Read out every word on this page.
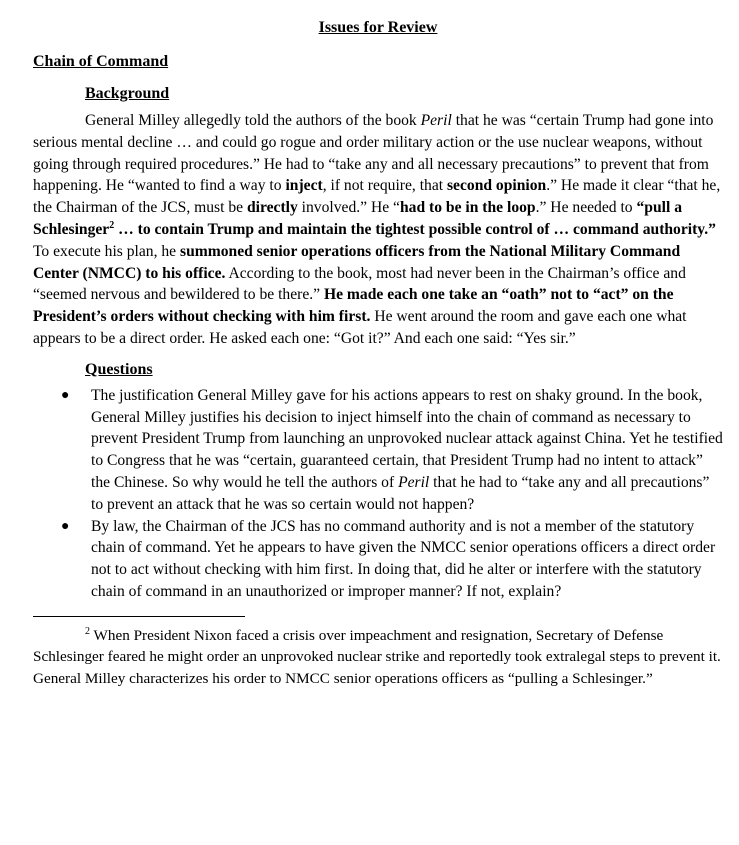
Issues for Review
Chain of Command
Background

General Milley allegedly told the authors of the book Peril that he was “certain Trump had gone into serious mental decline … and could go rogue and order military action or the use nuclear weapons, without going through required procedures.” He had to “take any and all necessary precautions” to prevent that from happening. He “wanted to find a way to inject, if not require, that second opinion.” He made it clear “that he, the Chairman of the JCS, must be directly involved.” He “had to be in the loop.” He needed to “pull a Schlesinger$^2$ … to contain Trump and maintain the tightest possible control of … command authority.” To execute his plan, he summoned senior operations officers from the National Military Command Center (NMCC) to his office. According to the book, most had never been in the Chairman’s office and “seemed nervous and bewildered to be there.” He made each one take an “oath” not to “act” on the President’s orders without checking with him first. He went around the room and gave each one what appears to be a direct order. He asked each one: “Got it?” And each one said: “Yes sir.”

Questions
● The justification General Milley gave for his actions appears to rest on shaky ground. In the book, General Milley justifies his decision to inject himself into the chain of command as necessary to prevent President Trump from launching an unprovoked nuclear attack against China. Yet he testified to Congress that he was “certain, guaranteed certain, that President Trump had no intent to attack” the Chinese. So why would he tell the authors of Peril that he had to “take any and all precautions” to prevent an attack that he was so certain would not happen?
● By law, the Chairman of the JCS has no command authority and is not a member of the statutory chain of command. Yet he appears to have given the NMCC senior operations officers a direct order not to act without checking with him first. In doing that, did he alter or interfere with the statutory chain of command in an unauthorized or improper manner? If not, explain?

$^2$ When President Nixon faced a crisis over impeachment and resignation, Secretary of Defense Schlesinger feared he might order an unprovoked nuclear strike and reportedly took extralegal steps to prevent it. General Milley characterizes his order to NMCC senior operations officers as “pulling a Schlesinger.”
